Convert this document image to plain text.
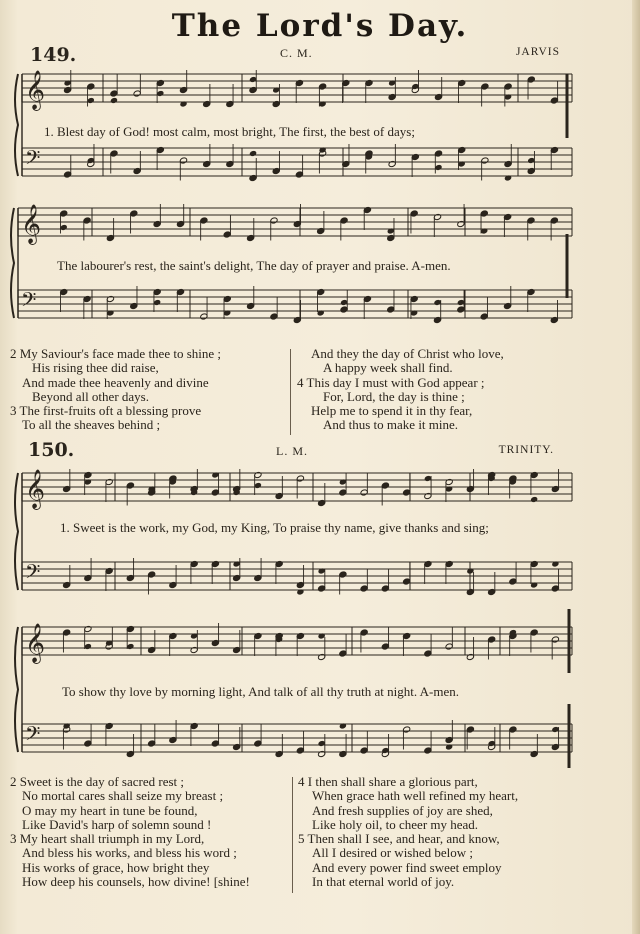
The Lord's Day.
149.	C. M.	JARVIS
𝄞
𝄢
𝄞
𝄢
𝄞
𝄢
𝄞
𝄢
1. Blest day of God! most calm, most bright, The first, the best of days;
The labourer's rest, the saint's delight, The day of prayer and praise. A-men.
2 My Saviour's face made thee to shine ;
His rising thee did raise,
And made thee heavenly and divine
Beyond all other days.
3 The first-fruits oft a blessing prove
To all the sheaves behind ;
And they the day of Christ who love,
A happy week shall find.
4 This day I must with God appear ;
For, Lord, the day is thine ;
Help me to spend it in thy fear,
And thus to make it mine.
150.	L. M.	TRINITY.
1. Sweet is the work, my God, my King, To praise thy name, give thanks and sing;
To show thy love by morning light, And talk of all thy truth at night. A-men.
2 Sweet is the day of sacred rest ;
No mortal cares shall seize my breast ;
O may my heart in tune be found,
Like David's harp of solemn sound !
3 My heart shall triumph in my Lord,
And bless his works, and bless his word ;
His works of grace, how bright they
How deep his counsels, how divine! [shine!
4 I then shall share a glorious part,
When grace hath well refined my heart,
And fresh supplies of joy are shed,
Like holy oil, to cheer my head.
5 Then shall I see, and hear, and know,
All I desired or wished below ;
And every power find sweet employ
In that eternal world of joy.
